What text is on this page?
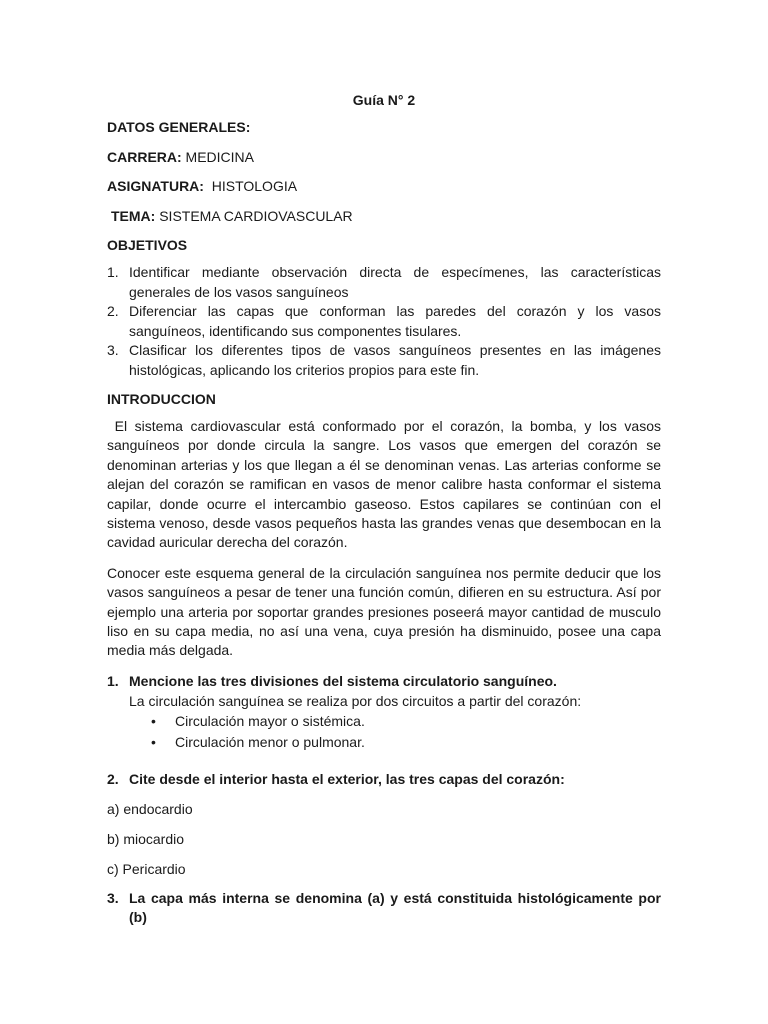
Guía N° 2
DATOS GENERALES:
CARRERA: MEDICINA
ASIGNATURA:  HISTOLOGIA
TEMA: SISTEMA CARDIOVASCULAR
OBJETIVOS
1. Identificar mediante observación directa de especímenes, las características generales de los vasos sanguíneos
2. Diferenciar las capas que conforman las paredes del corazón y los vasos sanguíneos, identificando sus componentes tisulares.
3. Clasificar los diferentes tipos de vasos sanguíneos presentes en las imágenes histológicas, aplicando los criterios propios para este fin.
INTRODUCCION
El sistema cardiovascular está conformado por el corazón, la bomba, y los vasos sanguíneos por donde circula la sangre. Los vasos que emergen del corazón se denominan arterias y los que llegan a él se denominan venas. Las arterias conforme se alejan del corazón se ramifican en vasos de menor calibre hasta conformar el sistema capilar, donde ocurre el intercambio gaseoso. Estos capilares se continúan con el sistema venoso, desde vasos pequeños hasta las grandes venas que desembocan en la cavidad auricular derecha del corazón.
Conocer este esquema general de la circulación sanguínea nos permite deducir que los vasos sanguíneos a pesar de tener una función común, difieren en su estructura. Así por ejemplo una arteria por soportar grandes presiones poseerá mayor cantidad de musculo liso en su capa media, no así una vena, cuya presión ha disminuido, posee una capa media más delgada.
1. Mencione las tres divisiones del sistema circulatorio sanguíneo.
La circulación sanguínea se realiza por dos circuitos a partir del corazón:
• Circulación mayor o sistémica.
• Circulación menor o pulmonar.
2. Cite desde el interior hasta el exterior, las tres capas del corazón:
a) endocardio
b) miocardio
c) Pericardio
3. La capa más interna se denomina (a) y está constituida histológicamente por (b)
